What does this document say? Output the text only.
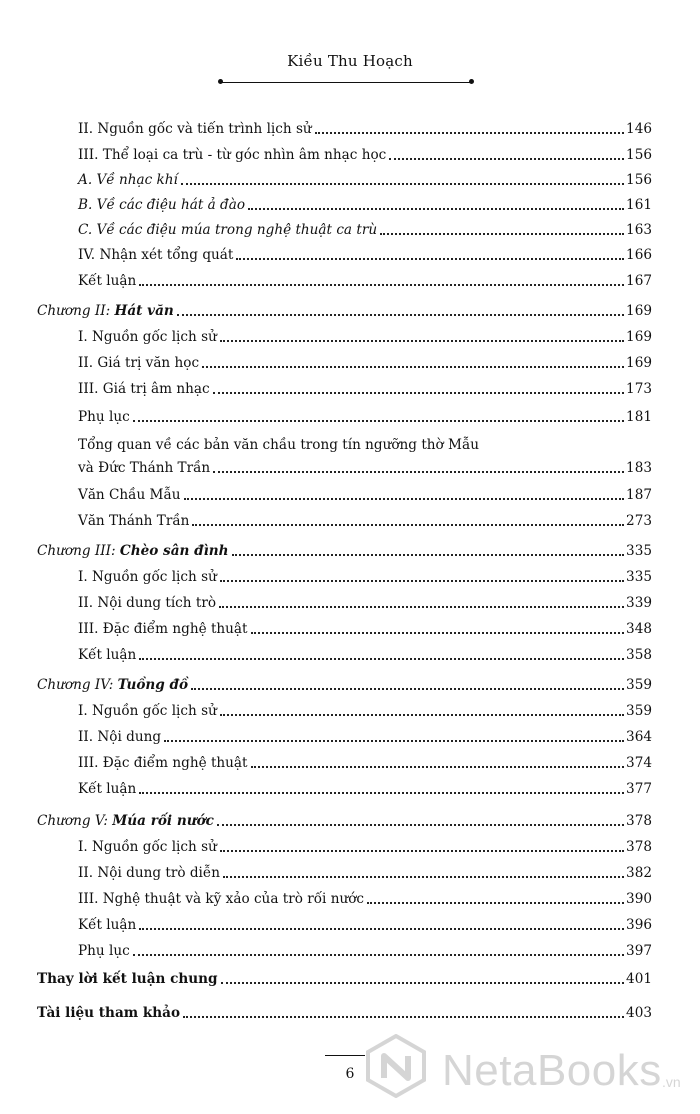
Kiều Thu Hoạch
II. Nguồn gốc và tiến trình lịch sử	146
III. Thể loại ca trù - từ góc nhìn âm nhạc học	156
A. Về nhạc khí	156
B. Về các điệu hát ả đào	161
C. Về các điệu múa trong nghệ thuật ca trù	163
IV. Nhận xét tổng quát	166
Kết luận	167
Chương II: Hát văn	169
I. Nguồn gốc lịch sử	169
II. Giá trị văn học	169
III. Giá trị âm nhạc	173
Phụ lục	181
Tổng quan về các bản văn chầu trong tín ngưỡng thờ Mẫu
và Đức Thánh Trần	183
Văn Chầu Mẫu	187
Văn Thánh Trần	273
Chương III: Chèo sân đình	335
I. Nguồn gốc lịch sử	335
II. Nội dung tích trò	339
III. Đặc điểm nghệ thuật	348
Kết luận	358
Chương IV: Tuồng đồ	359
I. Nguồn gốc lịch sử	359
II. Nội dung	364
III. Đặc điểm nghệ thuật	374
Kết luận	377
Chương V: Múa rối nước	378
I. Nguồn gốc lịch sử	378
II. Nội dung trò diễn	382
III. Nghệ thuật và kỹ xảo của trò rối nước	390
Kết luận	396
Phụ lục	397
Thay lời kết luận chung	401
Tài liệu tham khảo	403
6	NetaBooks .vn
